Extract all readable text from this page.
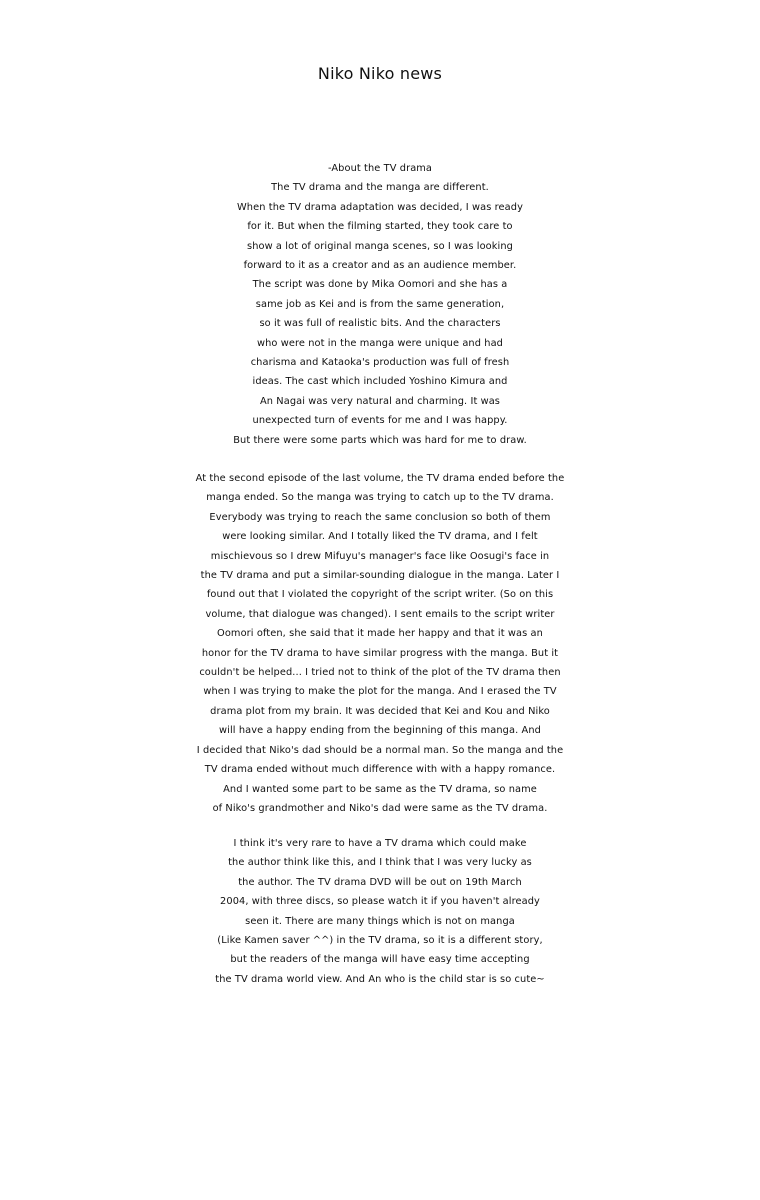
Niko Niko news
-About the TV drama
The TV drama and the manga are different.
When the TV drama adaptation was decided, I was ready
for it. But when the filming started, they took care to
show a lot of original manga scenes, so I was looking
forward to it as a creator and as an audience member.
The script was done by Mika Oomori and she has a
same job as Kei and is from the same generation,
so it was full of realistic bits. And the characters
who were not in the manga were unique and had
charisma and Kataoka's production was full of fresh
ideas. The cast which included Yoshino Kimura and
An Nagai was very natural and charming. It was
unexpected turn of events for me and I was happy.
But there were some parts which was hard for me to draw.
At the second episode of the last volume, the TV drama ended before the
manga ended. So the manga was trying to catch up to the TV drama.
Everybody was trying to reach the same conclusion so both of them
were looking similar. And I totally liked the TV drama, and I felt
mischievous so I drew Mifuyu's manager's face like Oosugi's face in
the TV drama and put a similar-sounding dialogue in the manga. Later I
found out that I violated the copyright of the script writer. (So on this
volume, that dialogue was changed). I sent emails to the script writer
Oomori often, she said that it made her happy and that it was an
honor for the TV drama to have similar progress with the manga. But it
couldn't be helped... I tried not to think of the plot of the TV drama then
when I was trying to make the plot for the manga. And I erased the TV
drama plot from my brain. It was decided that Kei and Kou and Niko
will have a happy ending from the beginning of this manga. And
I decided that Niko's dad should be a normal man. So the manga and the
TV drama ended without much difference with with a happy romance.
And I wanted some part to be same as the TV drama, so name
of Niko's grandmother and Niko's dad were same as the TV drama.
I think it's very rare to have a TV drama which could make
the author think like this, and I think that I was very lucky as
the author. The TV drama DVD will be out on 19th March
2004, with three discs, so please watch it if you haven't already
seen it. There are many things which is not on manga
(Like Kamen saver ^^) in the TV drama, so it is a different story,
but the readers of the manga will have easy time accepting
the TV drama world view. And An who is the child star is so cute~
